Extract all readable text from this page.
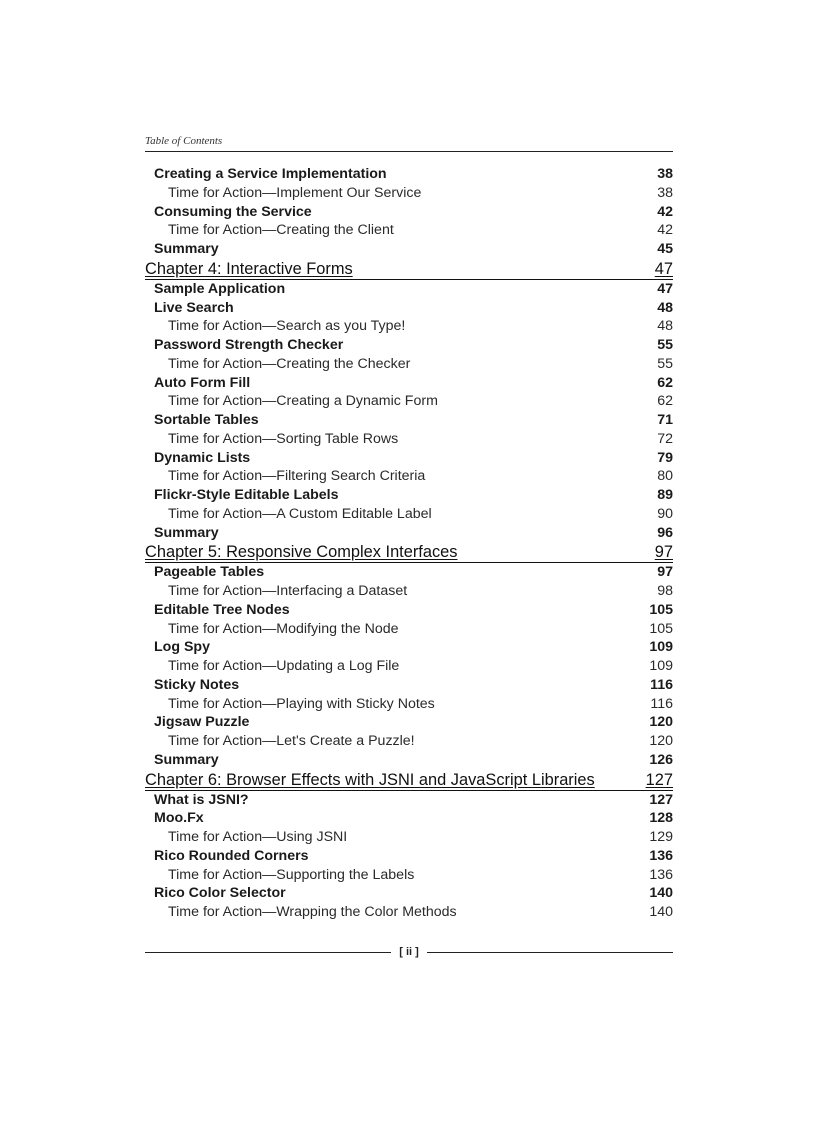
Table of Contents
Creating a Service Implementation	38
Time for Action—Implement Our Service	38
Consuming the Service	42
Time for Action—Creating the Client	42
Summary	45
Chapter 4: Interactive Forms	47
Sample Application	47
Live Search	48
Time for Action—Search as you Type!	48
Password Strength Checker	55
Time for Action—Creating the Checker	55
Auto Form Fill	62
Time for Action—Creating a Dynamic Form	62
Sortable Tables	71
Time for Action—Sorting Table Rows	72
Dynamic Lists	79
Time for Action—Filtering Search Criteria	80
Flickr-Style Editable Labels	89
Time for Action—A Custom Editable Label	90
Summary	96
Chapter 5: Responsive Complex Interfaces	97
Pageable Tables	97
Time for Action—Interfacing a Dataset	98
Editable Tree Nodes	105
Time for Action—Modifying the Node	105
Log Spy	109
Time for Action—Updating a Log File	109
Sticky Notes	116
Time for Action—Playing with Sticky Notes	116
Jigsaw Puzzle	120
Time for Action—Let's Create a Puzzle!	120
Summary	126
Chapter 6: Browser Effects with JSNI and JavaScript Libraries	127
What is JSNI?	127
Moo.Fx	128
Time for Action—Using JSNI	129
Rico Rounded Corners	136
Time for Action—Supporting the Labels	136
Rico Color Selector	140
Time for Action—Wrapping the Color Methods	140
[ ii ]
